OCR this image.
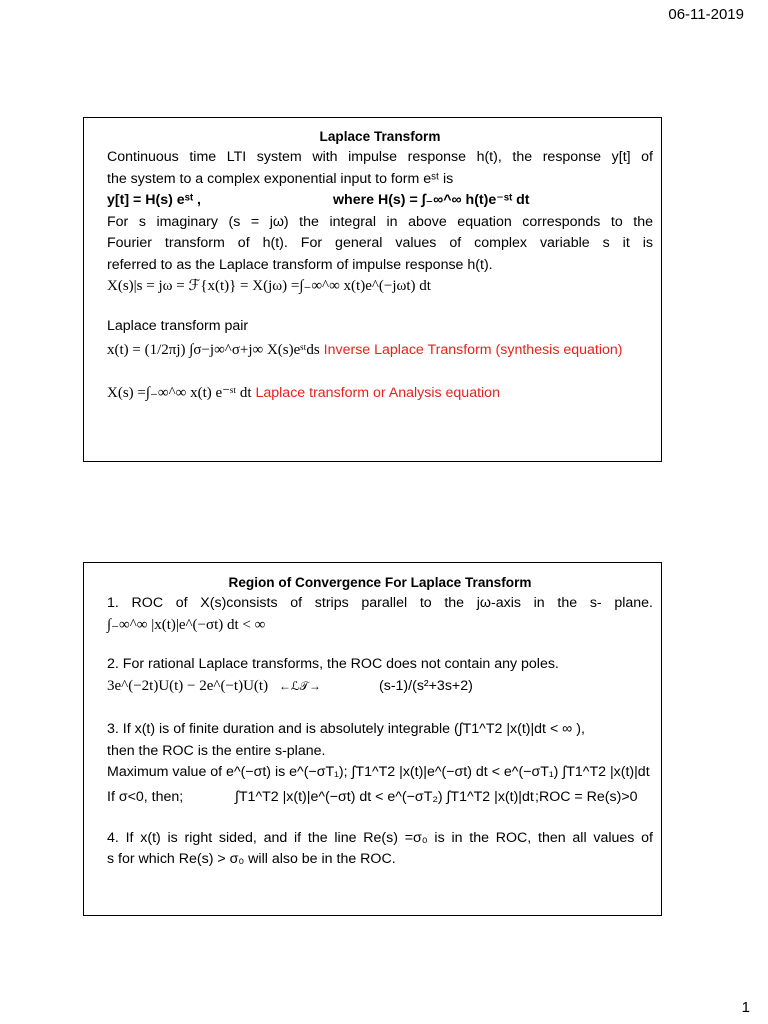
06-11-2019
Laplace Transform
Continuous time LTI system with impulse response h(t), the response y[t] of
the system to a complex exponential input to form eˢᵗ is
y[t] = H(s) eˢᵗ ,	where H(s) = ∫₋∞^∞ h(t)e⁻ˢᵗ dt
For s imaginary (s = jω) the integral in above equation corresponds to the
Fourier transform of h(t). For general values of complex variable s it is
referred to as the Laplace transform of impulse response h(t).
X(s)|s = jω = ℱ{x(t)} = X(jω) =∫₋∞^∞ x(t)e^(−jωt) dt
Laplace transform pair
x(t) = (1/2πj) ∫σ−j∞^σ+j∞ X(s)eˢᵗds Inverse Laplace Transform (synthesis equation)
X(s) =∫₋∞^∞ x(t) e⁻ˢᵗ dt Laplace transform or Analysis equation
Region of Convergence For Laplace Transform
1. ROC of X(s)consists of strips parallel to the jω-axis in the s- plane.
∫₋∞^∞ |x(t)|e^(−σt) dt < ∞
2. For rational Laplace transforms, the ROC does not contain any poles.
3e^(−2t)U(t) − 2e^(−t)U(t) ←ℒ𝒯→	(s-1)/(s²+3s+2)
3. If x(t) is of finite duration and is absolutely integrable (∫T1^T2 |x(t)|dt < ∞ ),
then the ROC is the entire s-plane.
Maximum value of e^(−σt) is e^(−σT₁); ∫T1^T2 |x(t)|e^(−σt) dt < e^(−σT₁) ∫T1^T2 |x(t)|dt
If σ<0, then;	∫T1^T2 |x(t)|e^(−σt) dt < e^(−σT₂) ∫T1^T2 |x(t)|dt;ROC = Re(s)>0
4. If x(t) is right sided, and if the line Re(s) =σ₀ is in the ROC, then all values of
s for which Re(s) > σ₀ will also be in the ROC.
1
